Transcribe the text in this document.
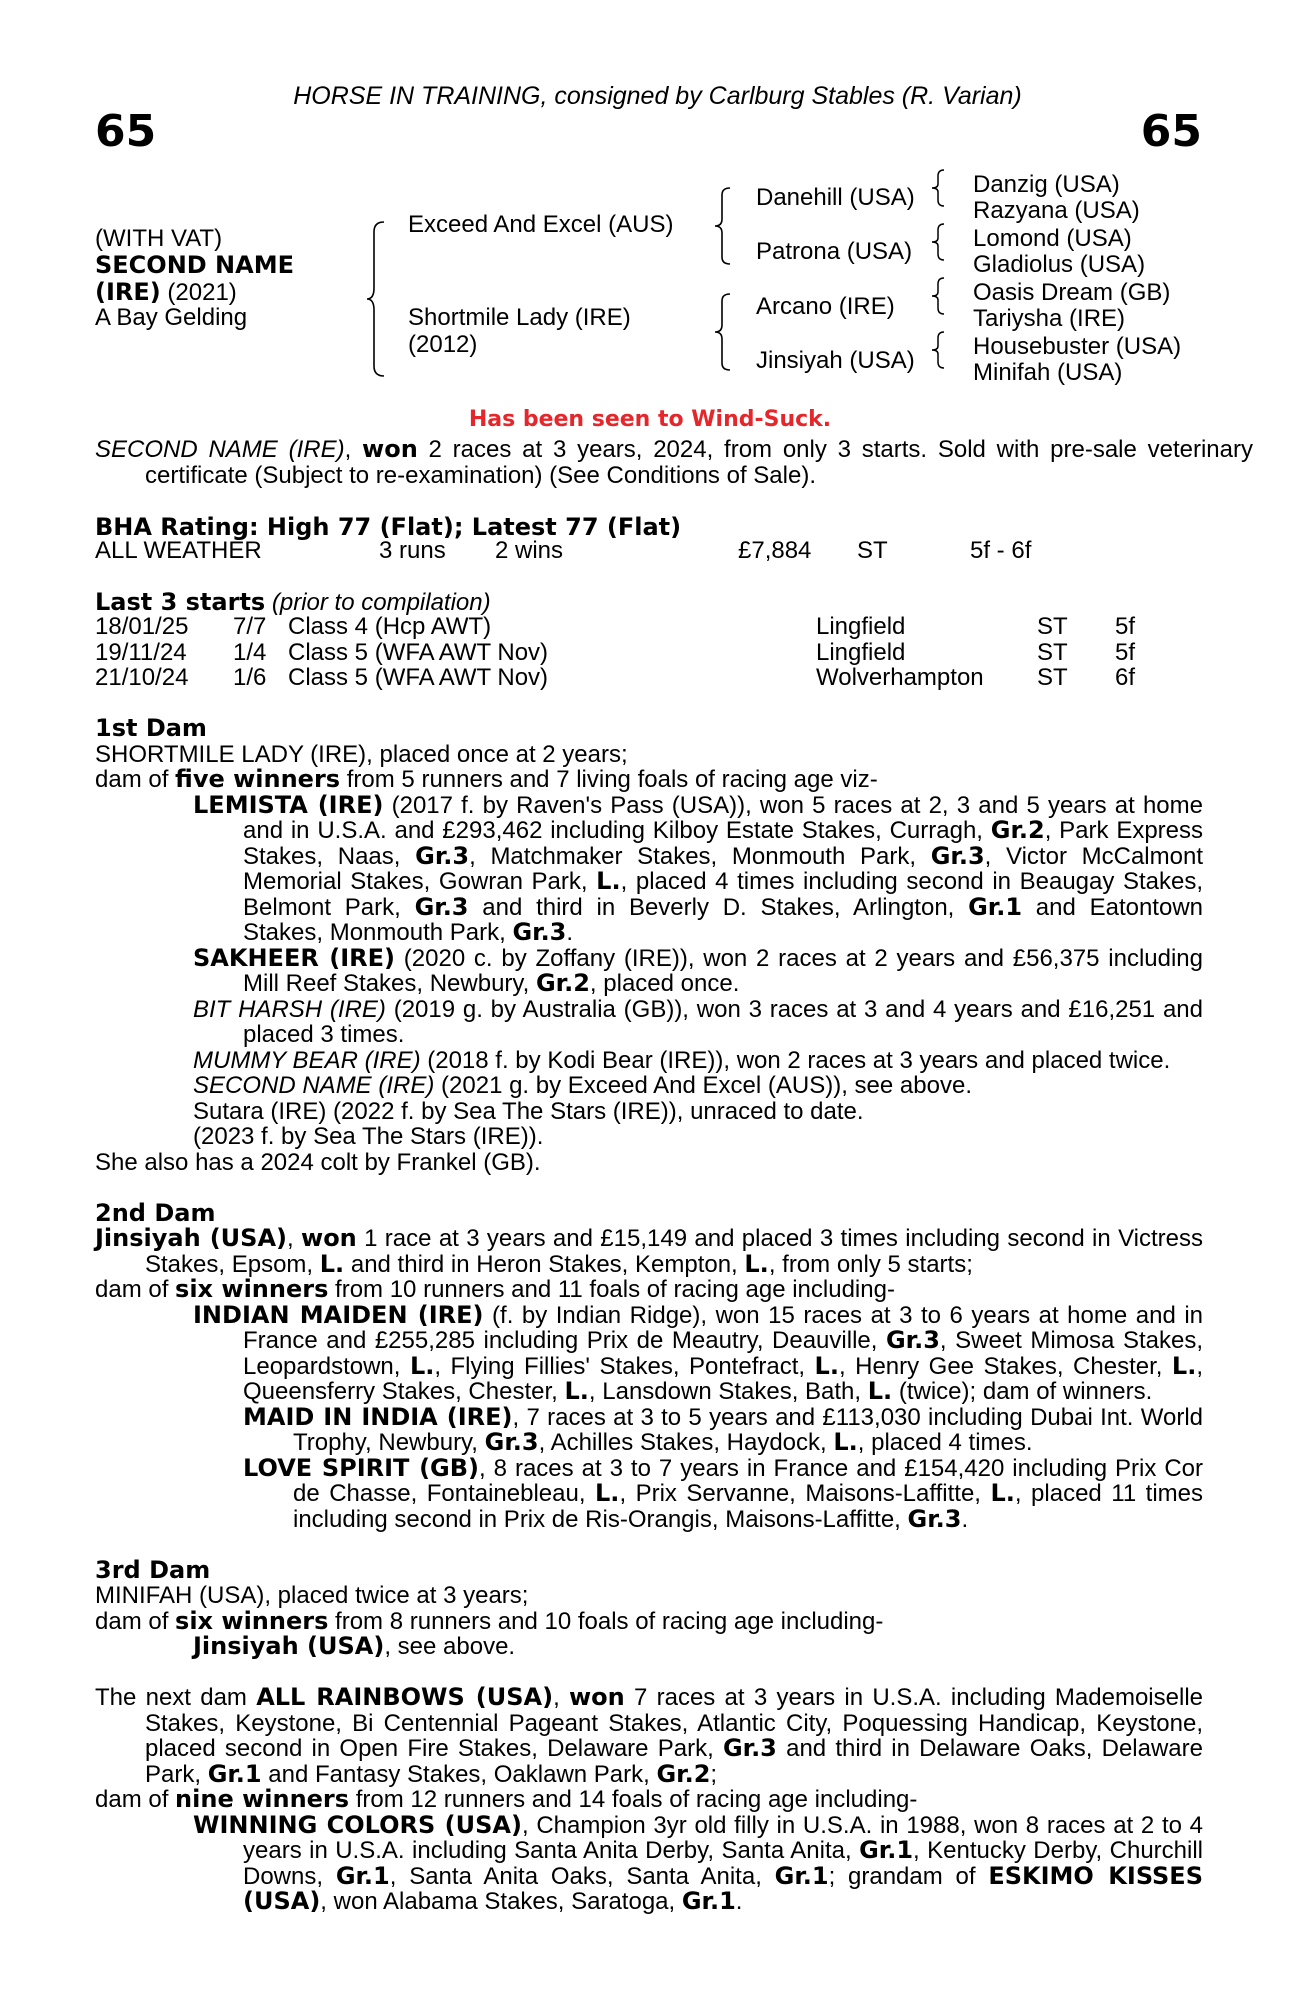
HORSE IN TRAINING, consigned by Carlburg Stables (R. Varian)
65	65
(WITH VAT)
SECOND NAME
(IRE) (2021)
A Bay Gelding
Exceed And Excel (AUS)
Shortmile Lady (IRE)
(2012)
Danehill (USA)
Patrona (USA)
Arcano (IRE)
Jinsiyah (USA)
Danzig (USA)
Razyana (USA)
Lomond (USA)
Gladiolus (USA)
Oasis Dream (GB)
Tariysha (IRE)
Housebuster (USA)
Minifah (USA)
Has been seen to Wind-Suck.
SECOND NAME (IRE), won 2 races at 3 years, 2024, from only 3 starts. Sold with pre-sale veterinary certificate (Subject to re-examination) (See Conditions of Sale).
BHA Rating: High 77 (Flat); Latest 77 (Flat)
ALL WEATHER	3 runs 2 wins	£7,884 ST	5f - 6f
Last 3 starts (prior to compilation)
18/01/25 7/7 Class 4 (Hcp AWT)	Lingfield	ST 5f
19/11/24 1/4 Class 5 (WFA AWT Nov)	Lingfield	ST 5f
21/10/24 1/6 Class 5 (WFA AWT Nov)	Wolverhampton ST 6f
1st Dam
SHORTMILE LADY (IRE), placed once at 2 years;
dam of five winners from 5 runners and 7 living foals of racing age viz-
LEMISTA (IRE) (2017 f. by Raven's Pass (USA)), won 5 races at 2, 3 and 5 years at home and in U.S.A. and £293,462 including Kilboy Estate Stakes, Curragh, Gr.2, Park Express Stakes, Naas, Gr.3, Matchmaker Stakes, Monmouth Park, Gr.3, Victor McCalmont Memorial Stakes, Gowran Park, L., placed 4 times including second in Beaugay Stakes, Belmont Park, Gr.3 and third in Beverly D. Stakes, Arlington, Gr.1 and Eatontown Stakes, Monmouth Park, Gr.3.
SAKHEER (IRE) (2020 c. by Zoffany (IRE)), won 2 races at 2 years and £56,375 including Mill Reef Stakes, Newbury, Gr.2, placed once.
BIT HARSH (IRE) (2019 g. by Australia (GB)), won 3 races at 3 and 4 years and £16,251 and placed 3 times.
MUMMY BEAR (IRE) (2018 f. by Kodi Bear (IRE)), won 2 races at 3 years and placed twice.
SECOND NAME (IRE) (2021 g. by Exceed And Excel (AUS)), see above.
Sutara (IRE) (2022 f. by Sea The Stars (IRE)), unraced to date.
(2023 f. by Sea The Stars (IRE)).
She also has a 2024 colt by Frankel (GB).
2nd Dam
Jinsiyah (USA), won 1 race at 3 years and £15,149 and placed 3 times including second in Victress Stakes, Epsom, L. and third in Heron Stakes, Kempton, L., from only 5 starts;
dam of six winners from 10 runners and 11 foals of racing age including-
INDIAN MAIDEN (IRE) (f. by Indian Ridge), won 15 races at 3 to 6 years at home and in France and £255,285 including Prix de Meautry, Deauville, Gr.3, Sweet Mimosa Stakes, Leopardstown, L., Flying Fillies' Stakes, Pontefract, L., Henry Gee Stakes, Chester, L., Queensferry Stakes, Chester, L., Lansdown Stakes, Bath, L. (twice); dam of winners.
MAID IN INDIA (IRE), 7 races at 3 to 5 years and £113,030 including Dubai Int. World Trophy, Newbury, Gr.3, Achilles Stakes, Haydock, L., placed 4 times.
LOVE SPIRIT (GB), 8 races at 3 to 7 years in France and £154,420 including Prix Cor de Chasse, Fontainebleau, L., Prix Servanne, Maisons-Laffitte, L., placed 11 times including second in Prix de Ris-Orangis, Maisons-Laffitte, Gr.3.
3rd Dam
MINIFAH (USA), placed twice at 3 years;
dam of six winners from 8 runners and 10 foals of racing age including-
Jinsiyah (USA), see above.
The next dam ALL RAINBOWS (USA), won 7 races at 3 years in U.S.A. including Mademoiselle Stakes, Keystone, Bi Centennial Pageant Stakes, Atlantic City, Poquessing Handicap, Keystone, placed second in Open Fire Stakes, Delaware Park, Gr.3 and third in Delaware Oaks, Delaware Park, Gr.1 and Fantasy Stakes, Oaklawn Park, Gr.2;
dam of nine winners from 12 runners and 14 foals of racing age including-
WINNING COLORS (USA), Champion 3yr old filly in U.S.A. in 1988, won 8 races at 2 to 4 years in U.S.A. including Santa Anita Derby, Santa Anita, Gr.1, Kentucky Derby, Churchill Downs, Gr.1, Santa Anita Oaks, Santa Anita, Gr.1; grandam of ESKIMO KISSES (USA), won Alabama Stakes, Saratoga, Gr.1.
